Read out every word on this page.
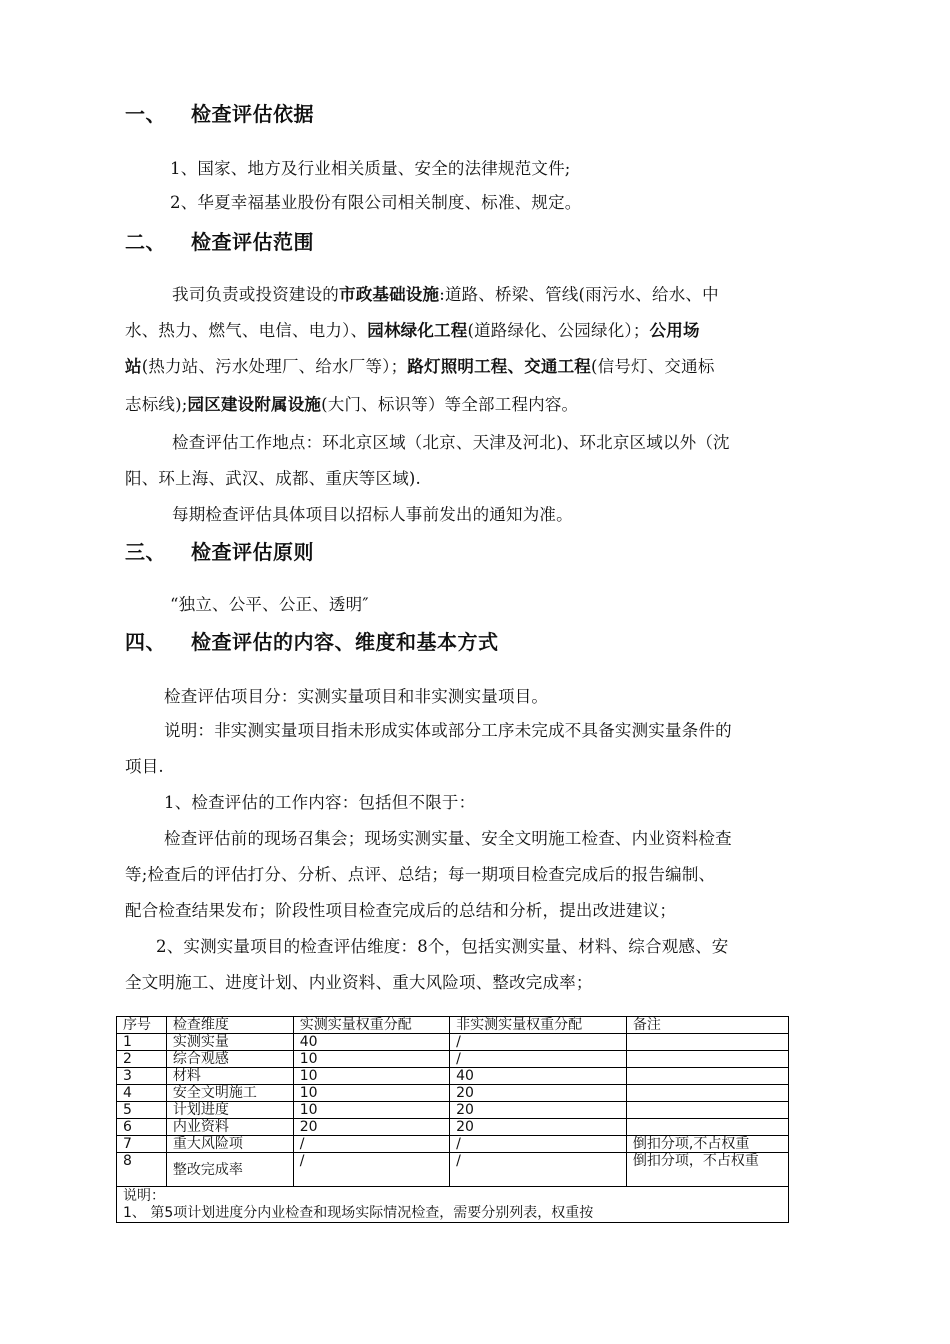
一、 检查评估依据
1、国家、地方及行业相关质量、安全的法律规范文件;
2、华夏幸福基业股份有限公司相关制度、标准、规定。
二、 检查评估范围
我司负责或投资建设的市政基础设施:道路、桥梁、管线(雨污水、给水、中
水、热力、燃气、电信、电力）、园林绿化工程(道路绿化、公园绿化）；公用场
站(热力站、污水处理厂、给水厂等）；路灯照明工程、交通工程(信号灯、交通标
志标线);园区建设附属设施(大门、标识等）等全部工程内容。
检查评估工作地点：环北京区域（北京、天津及河北)、环北京区域以外（沈
阳、环上海、武汉、成都、重庆等区域).
每期检查评估具体项目以招标人事前发出的通知为准。
三、 检查评估原则
“独立、公平、公正、透明″
四、 检查评估的内容、维度和基本方式
检查评估项目分：实测实量项目和非实测实量项目。
说明：非实测实量项目指未形成实体或部分工序未完成不具备实测实量条件的
项目.
1、检查评估的工作内容：包括但不限于：
检查评估前的现场召集会；现场实测实量、安全文明施工检查、内业资料检查
等;检查后的评估打分、分析、点评、总结；每一期项目检查完成后的报告编制、
配合检查结果发布；阶段性项目检查完成后的总结和分析，提出改进建议；
2、实测实量项目的检查评估维度：8个，包括实测实量、材料、综合观感、安
全文明施工、进度计划、内业资料、重大风险项、整改完成率；
序号	检查维度	实测实量权重分配	非实测实量权重分配	备注
1	实测实量	40	/	
2	综合观感	10	/	
3	材料	10	40	
4	安全文明施工	10	20	
5	计划进度	10	20	
6	内业资料	20	20	
7	重大风险项	/	/	倒扣分项,不占权重
8	整改完成率	/	/	倒扣分项，不占权重

说明：
1、 第5项计划进度分内业检查和现场实际情况检查，需要分别列表，权重按				
